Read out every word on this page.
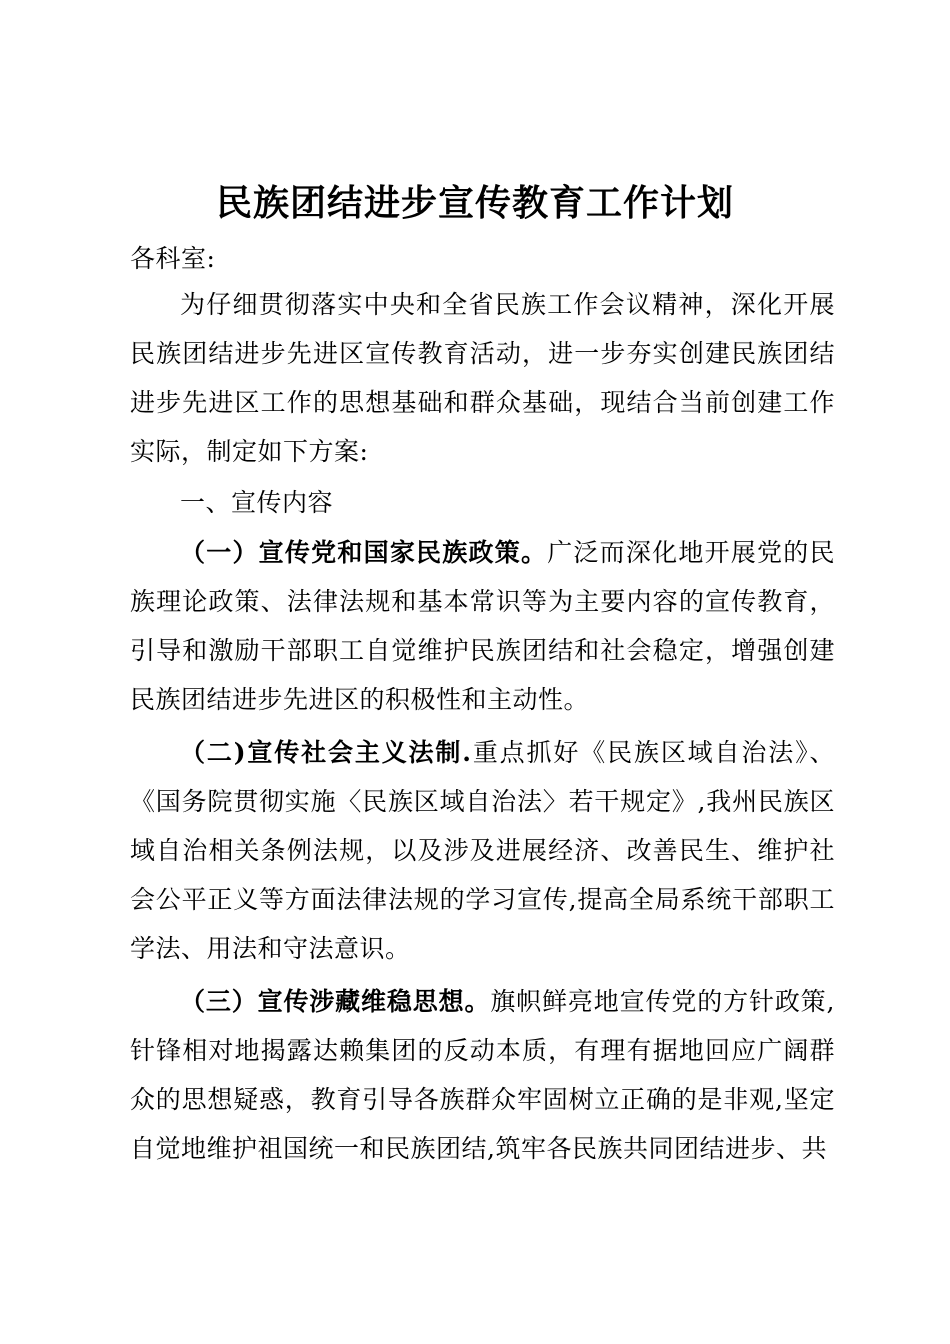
民族团结进步宣传教育工作计划
各科室:
为仔细贯彻落实中央和全省民族工作会议精神，深化开展民族团结进步先进区宣传教育活动，进一步夯实创建民族团结进步先进区工作的思想基础和群众基础，现结合当前创建工作实际，制定如下方案:
一、宣传内容
（一）宣传党和国家民族政策。广泛而深化地开展党的民族理论政策、法律法规和基本常识等为主要内容的宣传教育，引导和激励干部职工自觉维护民族团结和社会稳定，增强创建民族团结进步先进区的积极性和主动性。
（二)宣传社会主义法制.重点抓好《民族区域自治法》、《国务院贯彻实施〈民族区域自治法〉若干规定》,我州民族区域自治相关条例法规，以及涉及进展经济、改善民生、维护社会公平正义等方面法律法规的学习宣传,提高全局系统干部职工学法、用法和守法意识。
（三）宣传涉藏维稳思想。旗帜鲜亮地宣传党的方针政策,针锋相对地揭露达赖集团的反动本质，有理有据地回应广阔群众的思想疑惑，教育引导各族群众牢固树立正确的是非观,坚定自觉地维护祖国统一和民族团结,筑牢各民族共同团结进步、共
